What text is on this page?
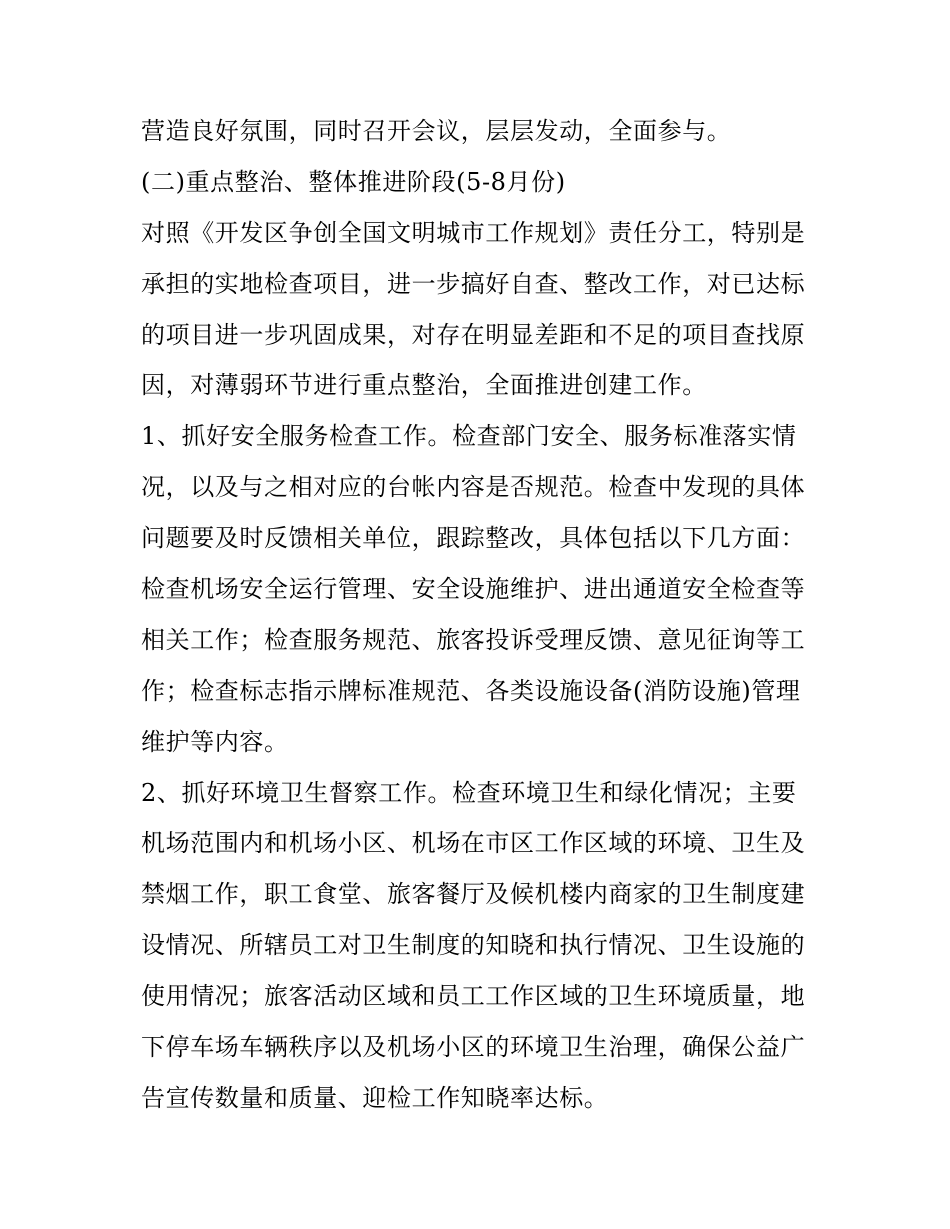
营造良好氛围，同时召开会议，层层发动，全面参与。
(二)重点整治、整体推进阶段(5-8月份)
对照《开发区争创全国文明城市工作规划》责任分工，特别是
承担的实地检查项目，进一步搞好自查、整改工作，对已达标
的项目进一步巩固成果，对存在明显差距和不足的项目查找原
因，对薄弱环节进行重点整治，全面推进创建工作。
1、抓好安全服务检查工作。检查部门安全、服务标准落实情
况，以及与之相对应的台帐内容是否规范。检查中发现的具体
问题要及时反馈相关单位，跟踪整改，具体包括以下几方面：
检查机场安全运行管理、安全设施维护、进出通道安全检查等
相关工作；检查服务规范、旅客投诉受理反馈、意见征询等工
作；检查标志指示牌标准规范、各类设施设备(消防设施)管理
维护等内容。
2、抓好环境卫生督察工作。检查环境卫生和绿化情况；主要
机场范围内和机场小区、机场在市区工作区域的环境、卫生及
禁烟工作，职工食堂、旅客餐厅及候机楼内商家的卫生制度建
设情况、所辖员工对卫生制度的知晓和执行情况、卫生设施的
使用情况；旅客活动区域和员工工作区域的卫生环境质量，地
下停车场车辆秩序以及机场小区的环境卫生治理，确保公益广
告宣传数量和质量、迎检工作知晓率达标。
